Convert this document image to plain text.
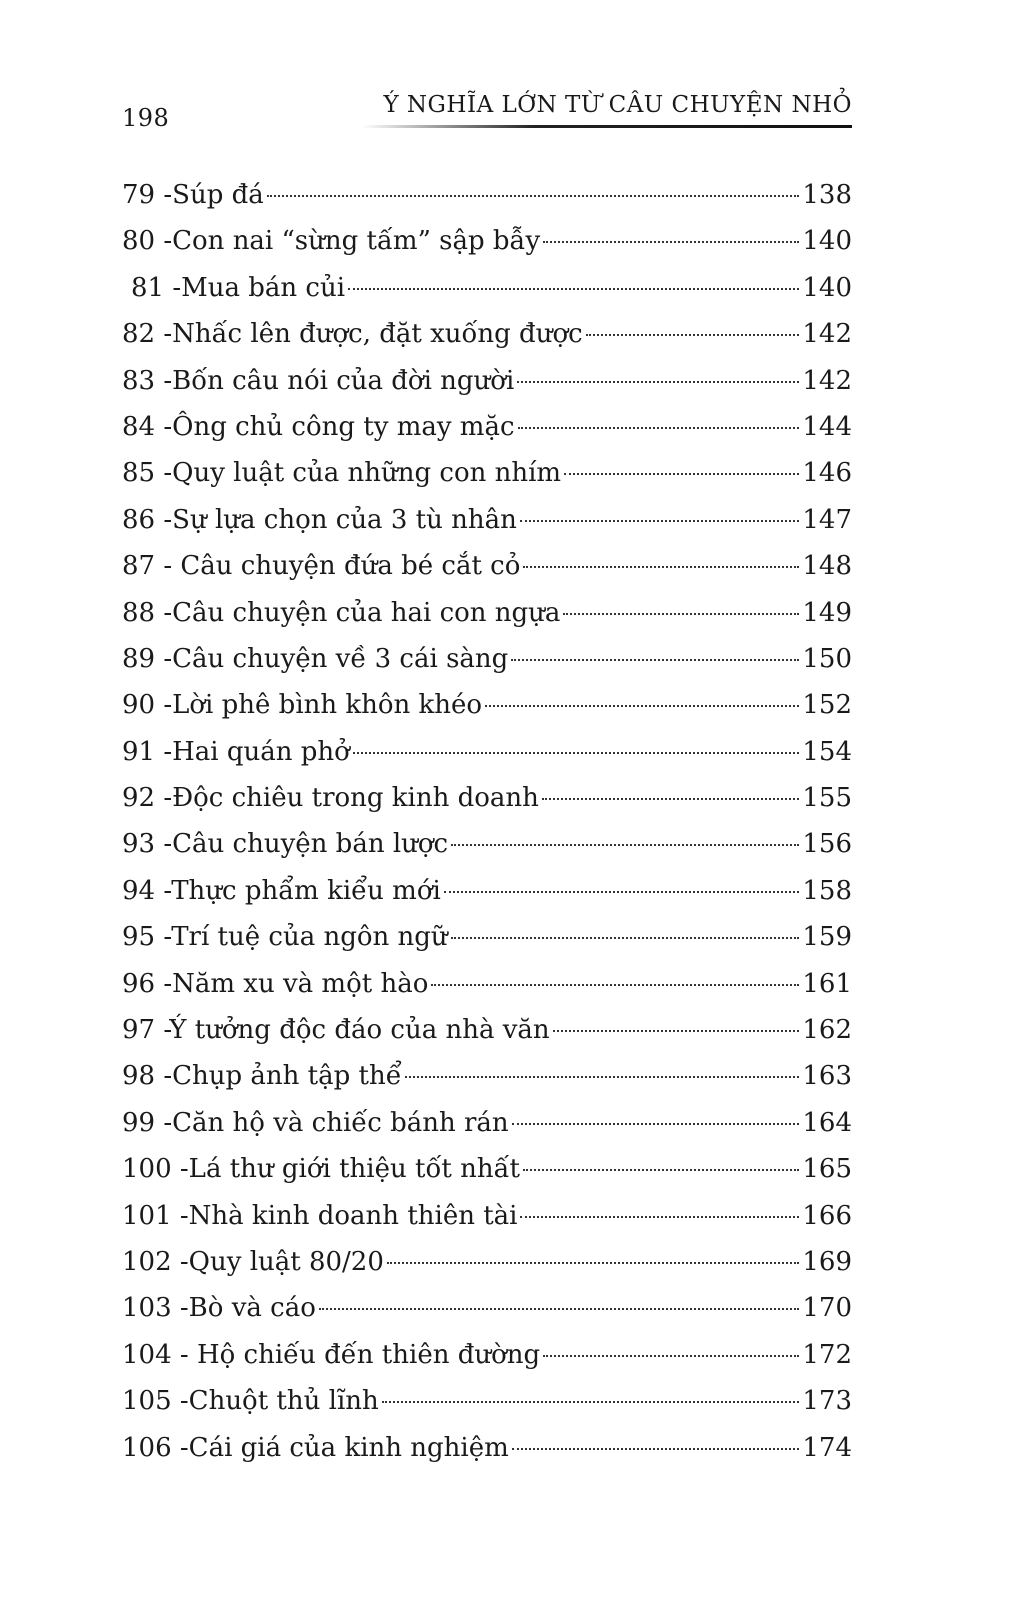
198	Ý NGHĨA LỚN TỪ CÂU CHUYỆN NHỎ
79 -Súp đá	138
80 -Con nai “sừng tấm” sập bẫy	140
81 -Mua bán củi	140
82 -Nhấc lên được, đặt xuống được	142
83 -Bốn câu nói của đời người	142
84 -Ông chủ công ty may mặc	144
85 -Quy luật của những con nhím	146
86 -Sự lựa chọn của 3 tù nhân	147
87 - Câu chuyện đứa bé cắt cỏ	148
88 -Câu chuyện của hai con ngựa	149
89 -Câu chuyện về 3 cái sàng	150
90 -Lời phê bình khôn khéo	152
91 -Hai quán phở	154
92 -Độc chiêu trong kinh doanh	155
93 -Câu chuyện bán lược	156
94 -Thực phẩm kiểu mới	158
95 -Trí tuệ của ngôn ngữ	159
96 -Năm xu và một hào	161
97 -Ý tưởng độc đáo của nhà văn	162
98 -Chụp ảnh tập thể	163
99 -Căn hộ và chiếc bánh rán	164
100 -Lá thư giới thiệu tốt nhất	165
101 -Nhà kinh doanh thiên tài	166
102 -Quy luật 80/20	169
103 -Bò và cáo	170
104 - Hộ chiếu đến thiên đường	172
105 -Chuột thủ lĩnh	173
106 -Cái giá của kinh nghiệm	174
